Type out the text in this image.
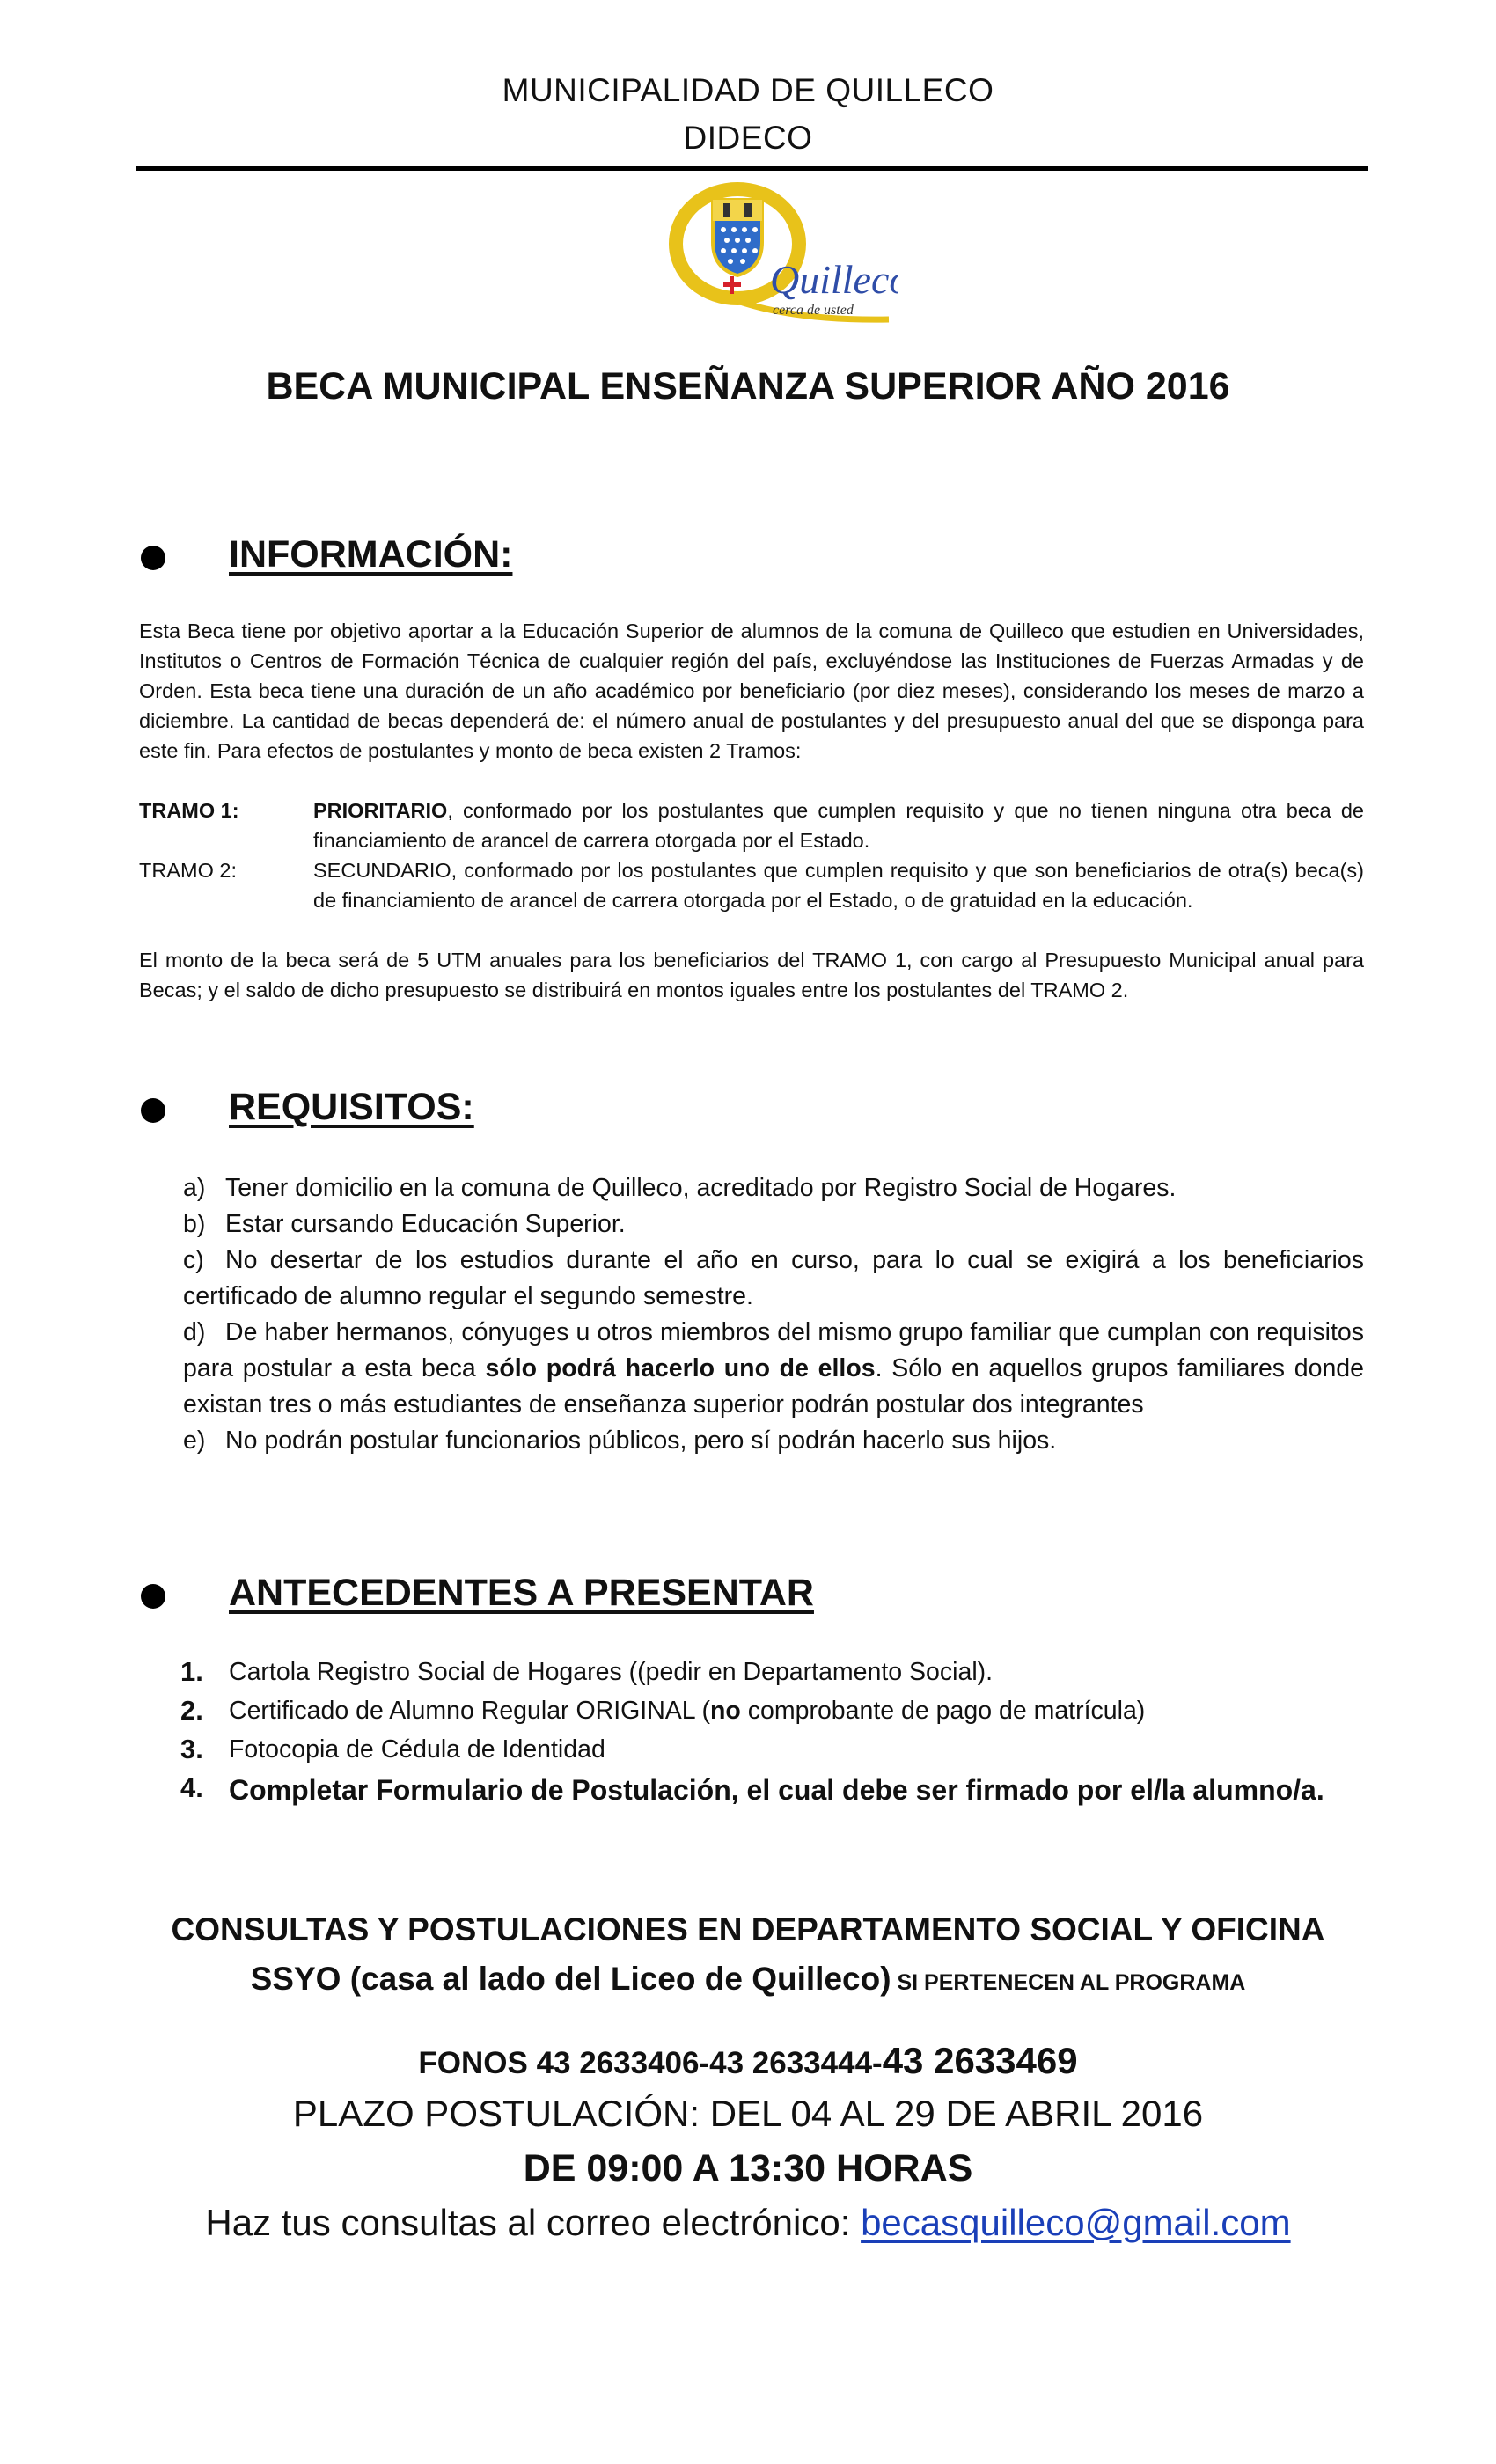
MUNICIPALIDAD DE QUILLECO
DIDECO
Quilleco
cerca de usted
BECA MUNICIPAL ENSEÑANZA SUPERIOR AÑO 2016
INFORMACIÓN:

Esta Beca tiene por objetivo aportar a la Educación Superior de alumnos de la comuna de Quilleco que estudien en Universidades, Institutos o Centros de Formación Técnica de cualquier región del país, excluyéndose las Instituciones de Fuerzas Armadas y de Orden. Esta beca tiene una duración de un año académico por beneficiario (por diez meses), considerando los meses de marzo a diciembre. La cantidad de becas dependerá de: el número anual de postulantes y del presupuesto anual del que se disponga para este fin. Para efectos de postulantes y monto de beca existen 2 Tramos:

TRAMO 1:	PRIORITARIO, conformado por los postulantes que cumplen requisito y que no tienen ninguna otra beca de financiamiento de arancel de carrera otorgada por el Estado.
TRAMO 2:	SECUNDARIO, conformado por los postulantes que cumplen requisito y que son beneficiarios de otra(s) beca(s) de financiamiento de arancel de carrera otorgada por el Estado, o de gratuidad en la educación.

El monto de la beca será de 5 UTM anuales para los beneficiarios del TRAMO 1, con cargo al Presupuesto Municipal anual para Becas; y el saldo de dicho presupuesto se distribuirá en montos iguales entre los postulantes del TRAMO 2.

REQUISITOS:

a) Tener domicilio en la comuna de Quilleco, acreditado por Registro Social de Hogares.

b) Estar cursando Educación Superior.

c) No desertar de los estudios durante el año en curso, para lo cual se exigirá a los beneficiarios certificado de alumno regular el segundo semestre.

d) De haber hermanos, cónyuges u otros miembros del mismo grupo familiar que cumplan con requisitos para postular a esta beca sólo podrá hacerlo uno de ellos. Sólo en aquellos grupos familiares donde existan tres o más estudiantes de enseñanza superior podrán postular dos integrantes

e) No podrán postular funcionarios públicos, pero sí podrán hacerlo sus hijos.

ANTECEDENTES A PRESENTAR
1.	Cartola Registro Social de Hogares ((pedir en Departamento Social).
2.	Certificado de Alumno Regular ORIGINAL (no comprobante de pago de matrícula)
3.	Fotocopia de Cédula de Identidad
4. Completar Formulario de Postulación, el cual debe ser firmado por el/la alumno/a.
CONSULTAS Y POSTULACIONES EN DEPARTAMENTO SOCIAL Y OFICINA
SSYO (casa al lado del Liceo de Quilleco) SI PERTENECEN AL PROGRAMA
FONOS 43 2633406-43 2633444-43 2633469
PLAZO POSTULACIÓN: DEL 04 AL 29 DE ABRIL 2016
DE 09:00 A 13:30 HORAS
Haz tus consultas al correo electrónico: becasquilleco@gmail.com
